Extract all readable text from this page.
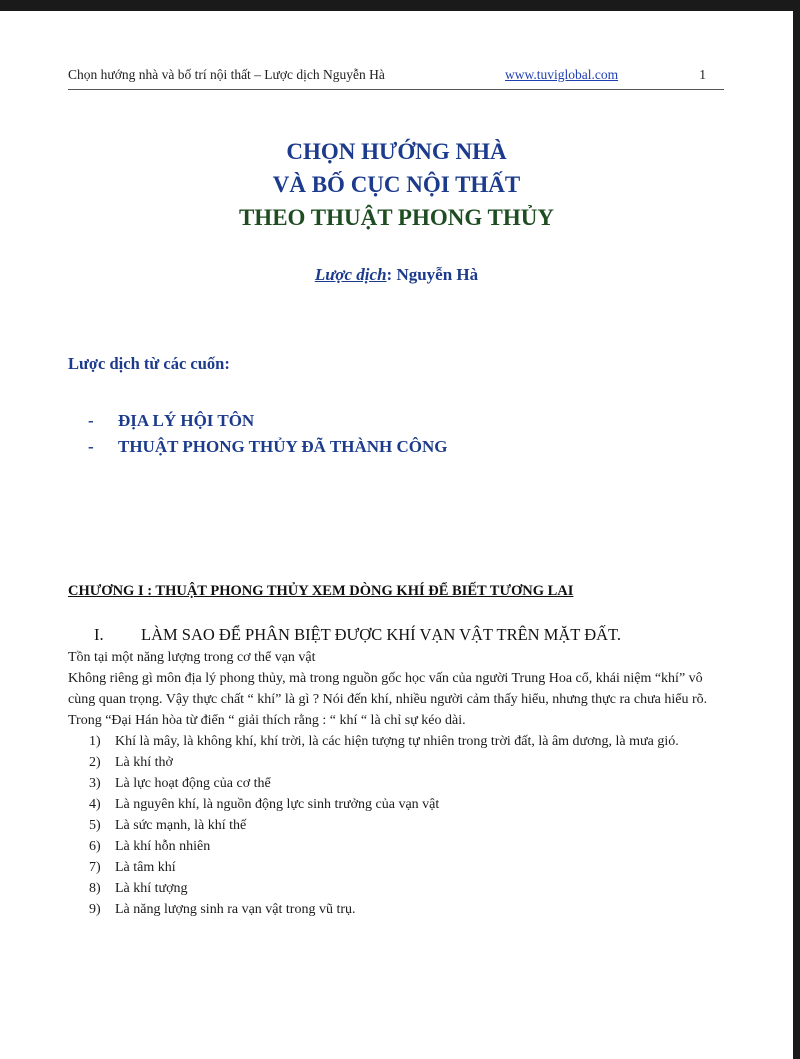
Chọn hướng nhà và bố trí nội thất – Lược dịch Nguyễn Hà	www.tuviglobal.com	1
CHỌN HƯỚNG NHÀ
VÀ BỐ CỤC NỘI THẤT
THEO THUẬT PHONG THỦY
Lược dịch: Nguyễn Hà
Lược dịch từ các cuốn:
- ĐỊA LÝ HỘI TÔN
- THUẬT PHONG THỦY ĐÃ THÀNH CÔNG
CHƯƠNG I : THUẬT PHONG THỦY XEM DÒNG KHÍ ĐỂ BIẾT TƯƠNG LAI
I. LÀM SAO ĐỂ PHÂN BIỆT ĐƯỢC KHÍ VẠN VẬT TRÊN MẶT ĐẤT.

Tồn tại một năng lượng trong cơ thể vạn vật

Không riêng gì môn địa lý phong thủy, mà trong nguồn gốc học vấn của người Trung Hoa cổ, khái niệm “khí” vô cùng quan trọng. Vậy thực chất “ khí” là gì ? Nói đến khí, nhiều người cảm thấy hiểu, nhưng thực ra chưa hiểu rõ.

Trong “Đại Hán hòa từ điển “ giải thích rằng : “ khí “ là chỉ sự kéo dài.

1) Khí là mây, là không khí, khí trời, là các hiện tượng tự nhiên trong trời đất, là âm dương, là mưa gió.
2) Là khí thở
3) Là lực hoạt động của cơ thể
4) Là nguyên khí, là nguồn động lực sinh trưởng của vạn vật
5) Là sức mạnh, là khí thế
6) Là khí hỗn nhiên
7) Là tâm khí
8) Là khí tượng
9) Là năng lượng sinh ra vạn vật trong vũ trụ.
